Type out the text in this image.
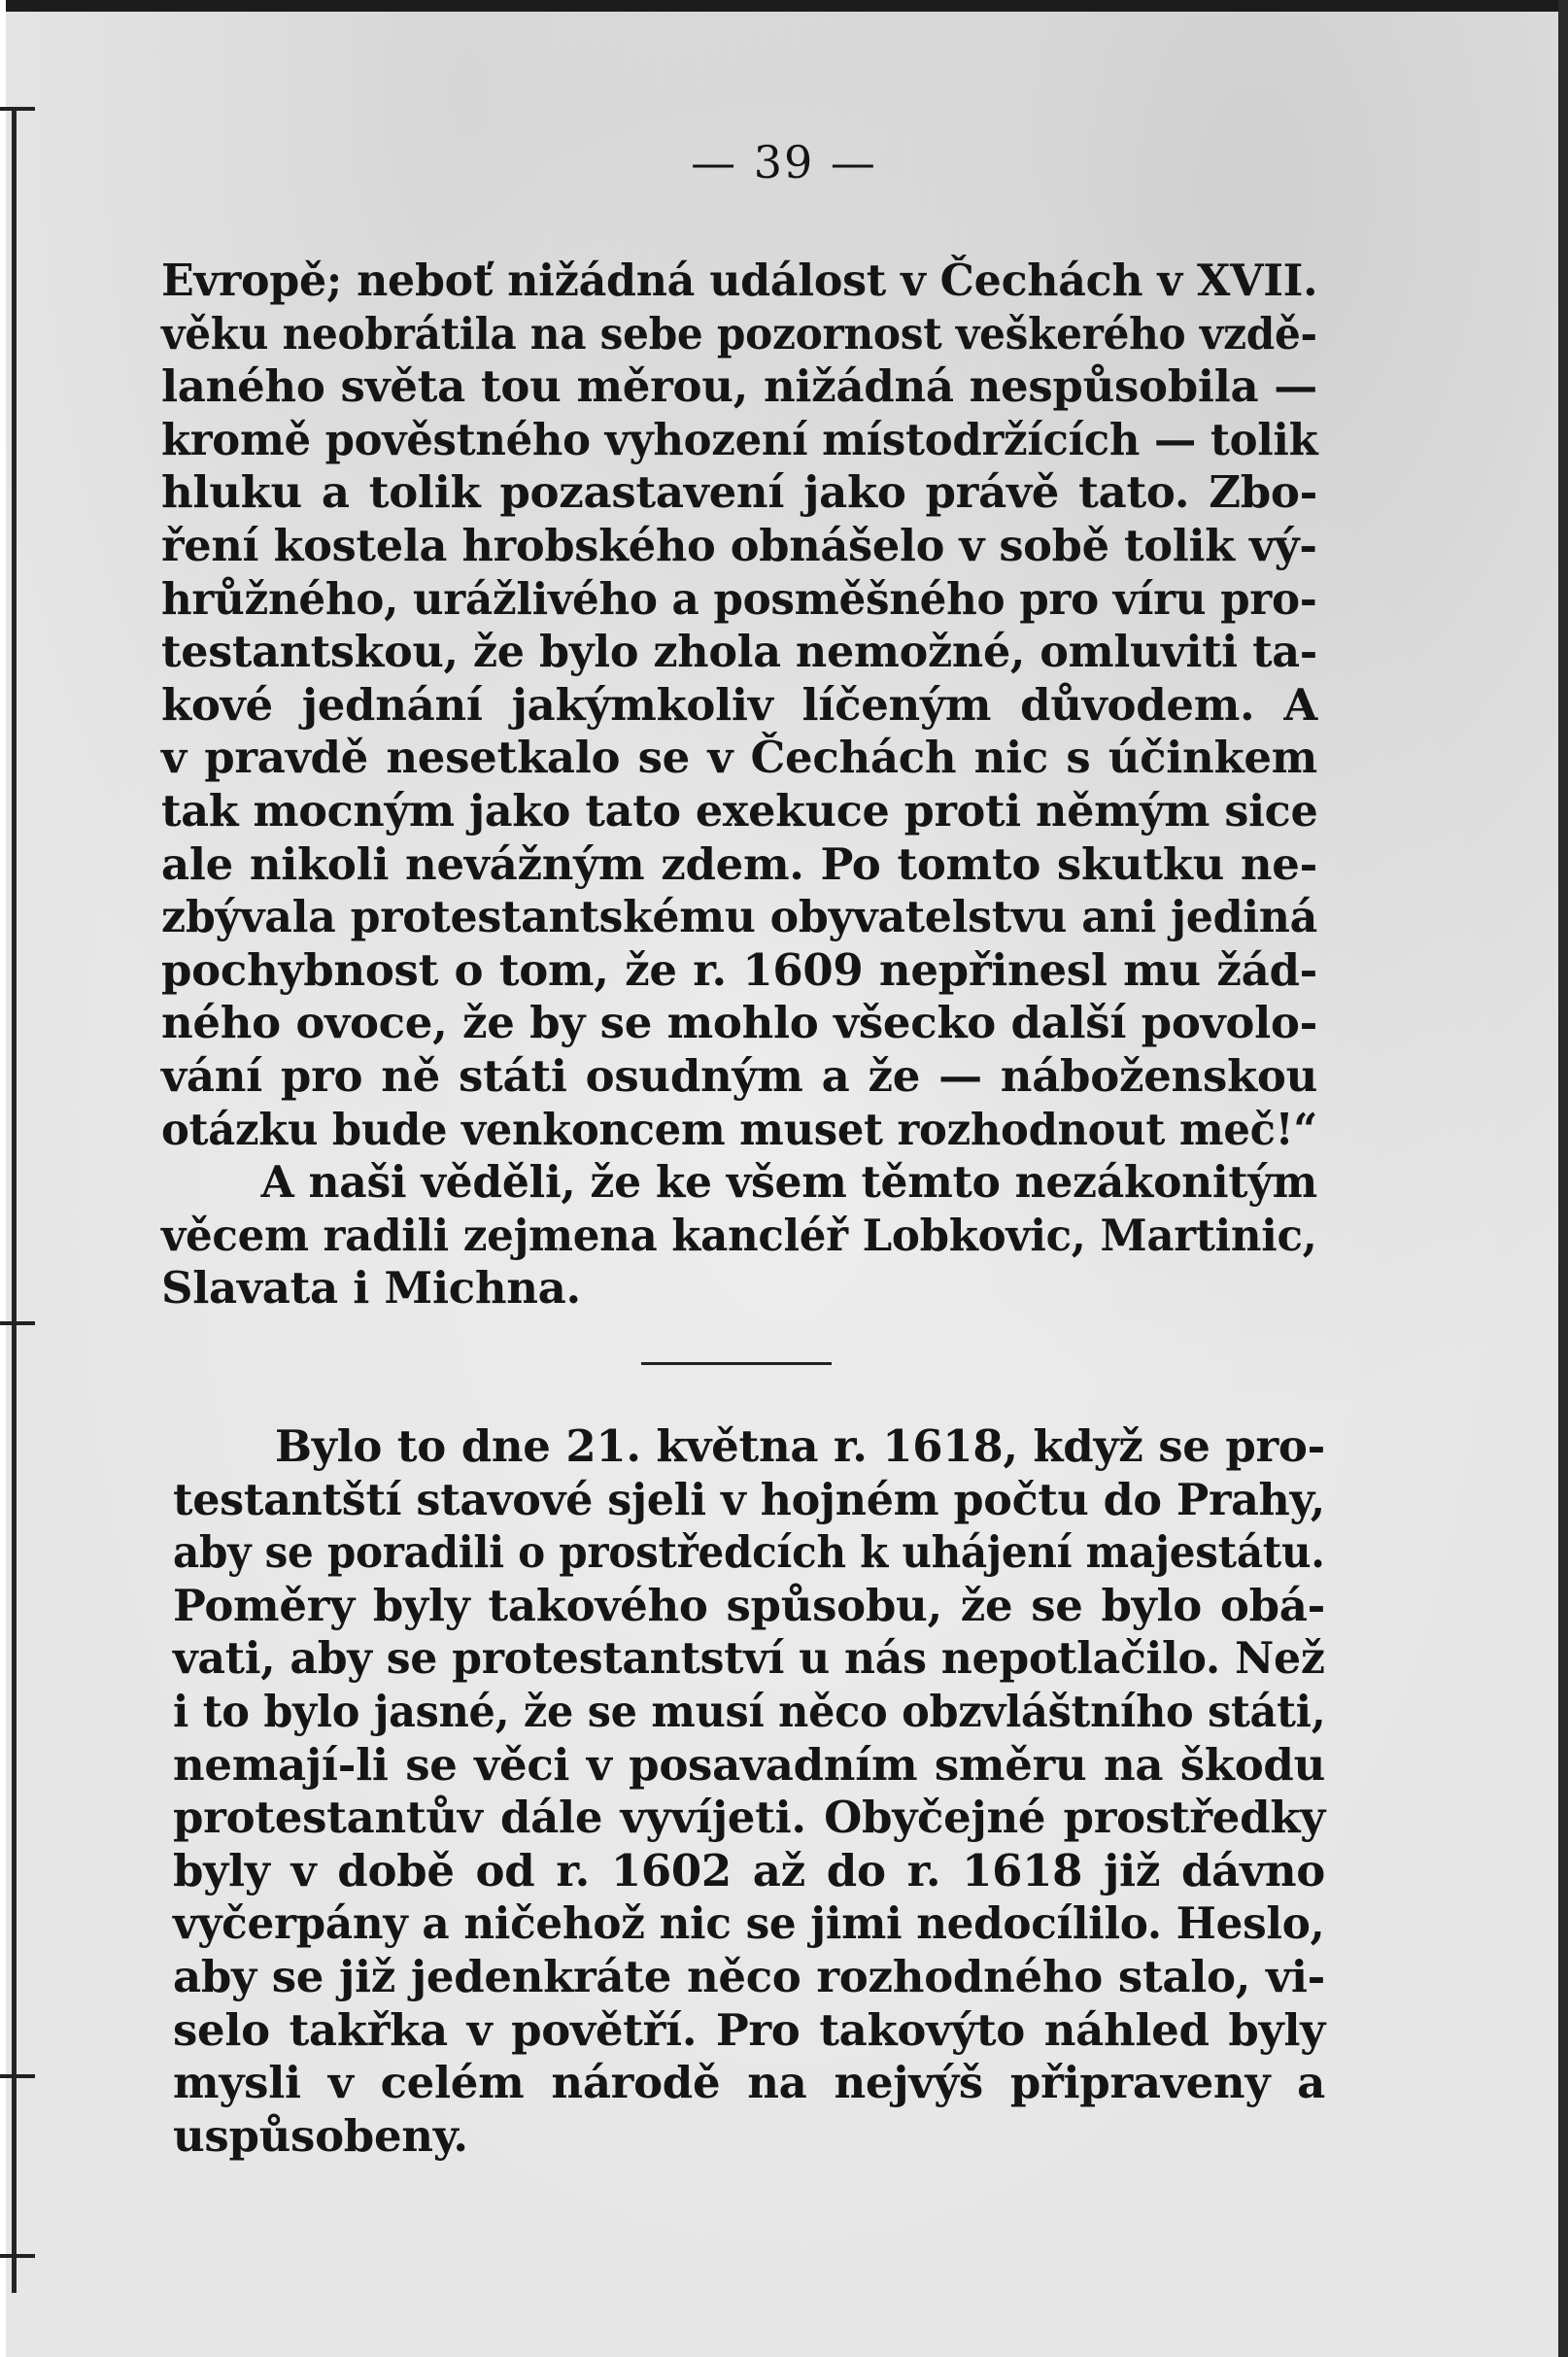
— 39 —
Evropě; neboť nižádná událost v Čechách v XVII.
věku neobrátila na sebe pozornost veškerého vzdě-
laného světa tou měrou, nižádná nespůsobila —
kromě pověstného vyhození místodržících — tolik
hluku a tolik pozastavení jako právě tato. Zbo-
ření kostela hrobského obnášelo v sobě tolik vý-
hrůžného, urážlivého a posměšného pro víru pro-
testantskou, že bylo zhola nemožné, omluviti ta-
kové jednání jakýmkoliv líčeným důvodem. A
v pravdě nesetkalo se v Čechách nic s účinkem
tak mocným jako tato exekuce proti němým sice
ale nikoli nevážným zdem. Po tomto skutku ne-
zbývala protestantskému obyvatelstvu ani jediná
pochybnost o tom, že r. 1609 nepřinesl mu žád-
ného ovoce, že by se mohlo všecko další povolo-
vání pro ně státi osudným a že — náboženskou
otázku bude venkoncem muset rozhodnout meč!“
A naši věděli, že ke všem těmto nezákonitým
věcem radili zejmena kancléř Lobkovic, Martinic,
Slavata i Michna.
Bylo to dne 21. května r. 1618, když se pro-
testantští stavové sjeli v hojném počtu do Prahy,
aby se poradili o prostředcích k uhájení majestátu.
Poměry byly takového spůsobu, že se bylo obá-
vati, aby se protestantství u nás nepotlačilo. Než
i to bylo jasné, že se musí něco obzvláštního státi,
nemají-li se věci v posavadním směru na škodu
protestantův dále vyvíjeti. Obyčejné prostředky
byly v době od r. 1602 až do r. 1618 již dávno
vyčerpány a ničehož nic se jimi nedocílilo. Heslo,
aby se již jedenkráte něco rozhodného stalo, vi-
selo takřka v povětří. Pro takovýto náhled byly
mysli v celém národě na nejvýš připraveny a
uspůsobeny.
